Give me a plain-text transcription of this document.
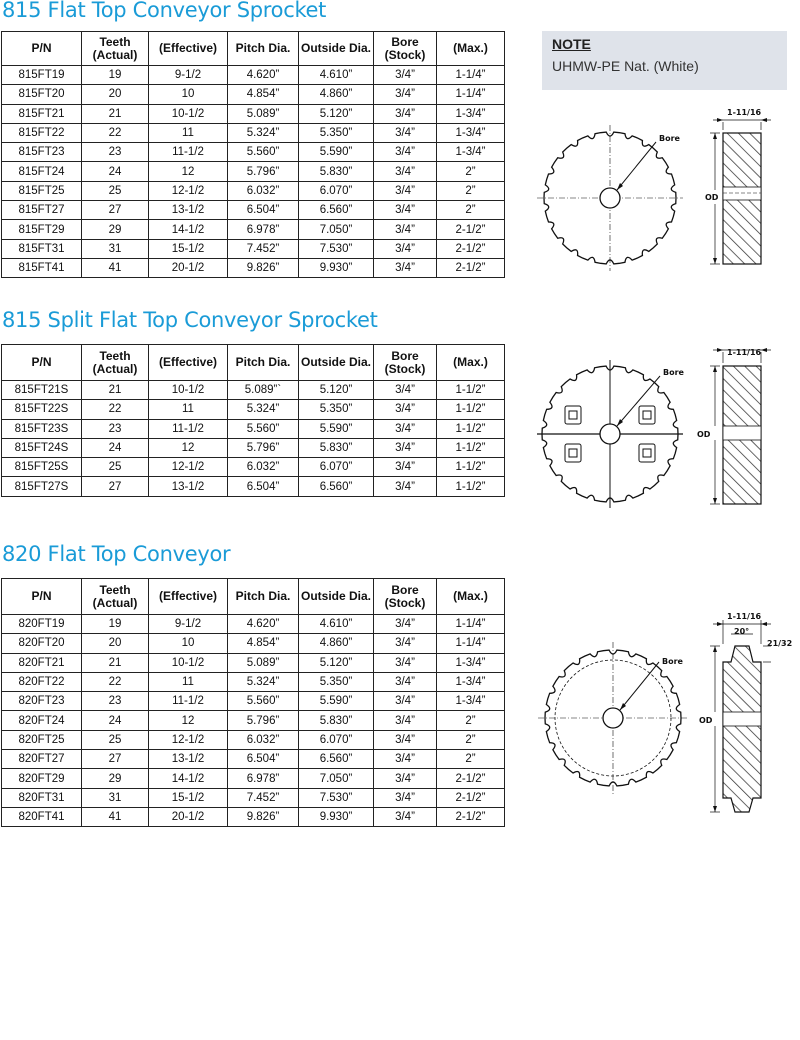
815 Flat Top Conveyor Sprocket
P/N	Teeth (Actual)	(Effective)	Pitch Dia.	Outside Dia.	Bore (Stock)	(Max.)
815FT19	19	9-1/2	4.620”	4.610”	3/4”	1-1/4”
815FT20	20	10	4.854”	4.860”	3/4”	1-1/4”
815FT21	21	10-1/2	5.089”	5.120”	3/4”	1-3/4”
815FT22	22	11	5.324”	5.350”	3/4”	1-3/4”
815FT23	23	11-1/2	5.560”	5.590”	3/4”	1-3/4”
815FT24	24	12	5.796”	5.830”	3/4”	2”
815FT25	25	12-1/2	6.032”	6.070”	3/4”	2”
815FT27	27	13-1/2	6.504”	6.560”	3/4”	2”
815FT29	29	14-1/2	6.978”	7.050”	3/4”	2-1/2”
815FT31	31	15-1/2	7.452”	7.530”	3/4”	2-1/2”
815FT41	41	20-1/2	9.826”	9.930”	3/4”	2-1/2”
NOTE
UHMW-PE Nat. (White)
815 Split Flat Top Conveyor Sprocket
P/N	Teeth (Actual)	(Effective)	Pitch Dia.	Outside Dia.	Bore (Stock)	(Max.)
815FT21S	21	10-1/2	5.089”`	5.120”	3/4”	1-1/2”
815FT22S	22	11	5.324”	5.350”	3/4”	1-1/2”
815FT23S	23	11-1/2	5.560”	5.590”	3/4”	1-1/2”
815FT24S	24	12	5.796”	5.830”	3/4”	1-1/2”
815FT25S	25	12-1/2	6.032”	6.070”	3/4”	1-1/2”
815FT27S	27	13-1/2	6.504”	6.560”	3/4”	1-1/2”
820 Flat Top Conveyor
P/N	Teeth (Actual)	(Effective)	Pitch Dia.	Outside Dia.	Bore (Stock)	(Max.)
820FT19	19	9-1/2	4.620”	4.610”	3/4”	1-1/4”
820FT20	20	10	4.854”	4.860”	3/4”	1-1/4”
820FT21	21	10-1/2	5.089”	5.120”	3/4”	1-3/4”
820FT22	22	11	5.324”	5.350”	3/4”	1-3/4”
820FT23	23	11-1/2	5.560”	5.590”	3/4”	1-3/4”
820FT24	24	12	5.796”	5.830”	3/4”	2”
820FT25	25	12-1/2	6.032”	6.070”	3/4”	2”
820FT27	27	13-1/2	6.504”	6.560”	3/4”	2”
820FT29	29	14-1/2	6.978”	7.050”	3/4”	2-1/2”
820FT31	31	15-1/2	7.452”	7.530”	3/4”	2-1/2”
820FT41	41	20-1/2	9.826”	9.930”	3/4”	2-1/2”
Bore
1-11/16
OD
Bore
1-11/16
OD
Bore
1-11/16
20°
21/32
OD
